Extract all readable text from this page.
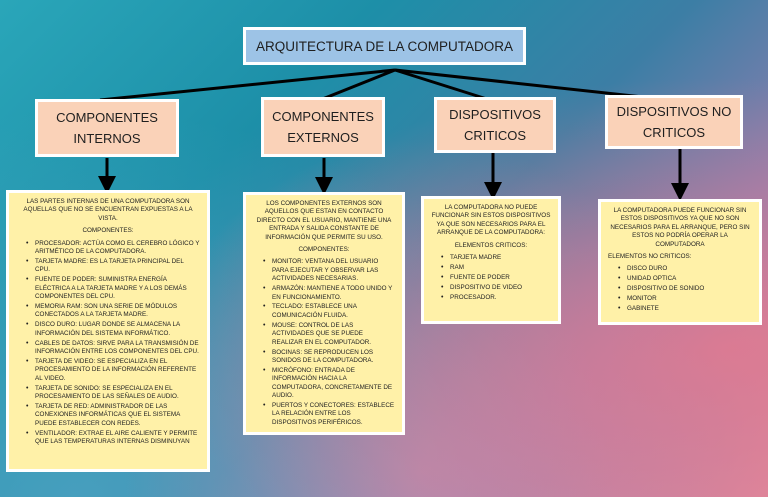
ARQUITECTURA DE LA COMPUTADORA
COMPONENTES
INTERNOS

LAS PARTES INTERNAS DE UNA COMPUTADORA SON AQUELLAS QUE NO SE ENCUENTRAN EXPUESTAS A LA VISTA.

COMPONENTES:

• PROCESADOR: ACTÚA COMO EL CEREBRO LÓGICO Y ARITMÉTICO DE LA COMPUTADORA.
• TARJETA MADRE: ES LA TARJETA PRINCIPAL DEL CPU.
• FUENTE DE PODER: SUMINISTRA ENERGÍA ELÉCTRICA A LA TARJETA MADRE Y A LOS DEMÁS COMPONENTES DEL CPU.
• MEMORIA RAM: SON UNA SERIE DE MÓDULOS CONECTADOS A LA TARJETA MADRE.
• DISCO DURO: LUGAR DONDE SE ALMACENA LA INFORMACIÓN DEL SISTEMA INFORMÁTICO.
• CABLES DE DATOS: SIRVE PARA LA TRANSMISIÓN DE INFORMACIÓN ENTRE LOS COMPONENTES DEL CPU.
• TARJETA DE VIDEO: SE ESPECIALIZA EN EL PROCESAMIENTO DE LA INFORMACIÓN REFERENTE AL VIDEO.
• TARJETA DE SONIDO: SE ESPECIALIZA EN EL PROCESAMIENTO DE LAS SEÑALES DE AUDIO.
• TARJETA DE RED: ADMINISTRADOR DE LAS CONEXIONES INFORMÁTICAS QUE EL SISTEMA PUEDE ESTABLECER CON REDES.
• VENTILADOR: EXTRAE EL AIRE CALIENTE Y PERMITE QUE LAS TEMPERATURAS INTERNAS DISMINUYAN
COMPONENTES
EXTERNOS

LOS COMPONENTES EXTERNOS SON AQUELLOS QUE ESTAN EN CONTACTO DIRECTO CON EL USUARIO, MANTIENE UNA ENTRADA Y SALIDA CONSTANTE DE INFORMACIÓN QUE PERMITE SU USO.

COMPONENTES:

• MONITOR: VENTANA DEL USUARIO PARA EJECUTAR Y OBSERVAR LAS ACTIVIDADES NECESARIAS.
• ARMAZÓN: MANTIENE A TODO UNIDO Y EN FUNCIONAMIENTO.
• TECLADO: ESTABLECE UNA COMUNICACIÓN FLUIDA.
• MOUSE: CONTROL DE LAS ACTIVIDADES QUE SE PUEDE REALIZAR EN EL COMPUTADOR.
• BOCINAS: SE REPRODUCEN LOS SONIDOS DE LA COMPUTADORA.
• MICRÓFONO: ENTRADA DE INFORMACIÓN HACIA LA COMPUTADORA, CONCRETAMENTE DE AUDIO.
• PUERTOS Y CONECTORES: ESTABLECE LA RELACIÓN ENTRE LOS DISPOSITIVOS PERIFÉRICOS.
DISPOSITIVOS
CRITICOS

LA COMPUTADORA NO PUEDE FUNCIONAR SIN ESTOS DISPOSITIVOS YA QUE SON NECESARIOS PARA EL ARRANQUE DE LA COMPUTADORA:

ELEMENTOS CRITICOS:

• TARJETA MADRE
• RAM
• FUENTE DE PODER
• DISPOSITIVO DE VIDEO
• PROCESADOR.
DISPOSITIVOS NO
CRITICOS

LA COMPUTADORA PUEDE FUNCIONAR SIN ESTOS DISPOSITIVOS YA QUE NO SON NECESARIOS PARA EL ARRANQUE, PERO SIN ESTOS NO PODRÍA OPERAR LA COMPUTADORA

ELEMENTOS NO CRITICOS:

• DISCO DURO
• UNIDAD OPTICA
• DISPOSITIVO DE SONIDO
• MONITOR
• GABINETE
